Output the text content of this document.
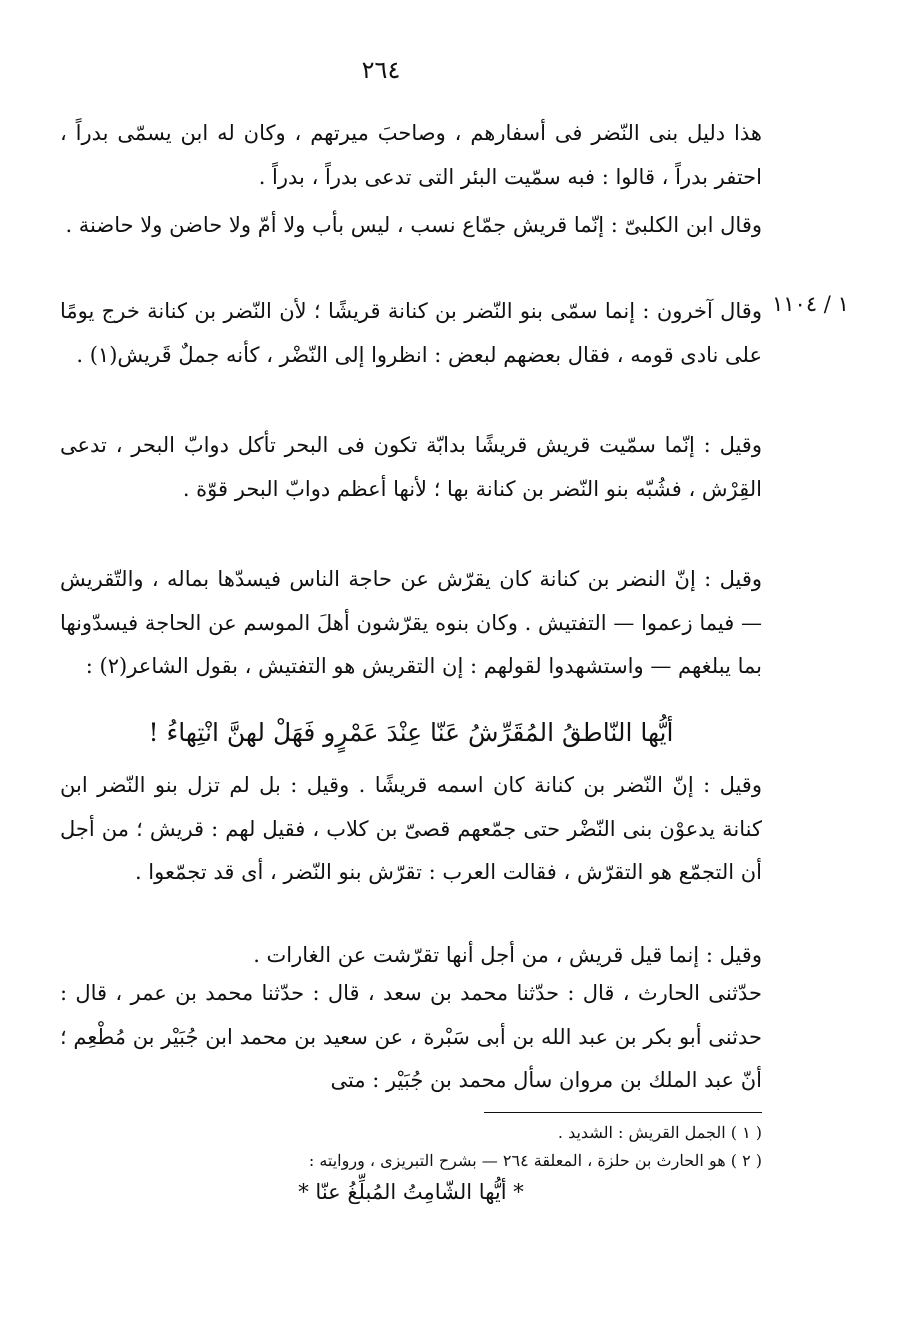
٢٦٤
١ / ١١٠٤
هذا دليل بنى النّضر فى أسفارهم ، وصاحبَ ميرتهم ، وكان له ابن يسمّى بدراً ، احتفر بدراً ، قالوا : فبه سمّيت البئر التى تدعى بدراً ، بدراً .
وقال ابن الكلبىّ : إنّما قريش جمّاع نسب ، ليس بأب ولا أمّ ولا حاضن ولا حاضنة .
وقال آخرون : إنما سمّى بنو النّضر بن كنانة قريشًا ؛ لأن النّضر بن كنانة خرج يومًا على نادى قومه ، فقال بعضهم لبعض : انظروا إلى النّضْر ، كأنه جملٌ قَريش(١) .
وقيل : إنّما سمّيت قريش قريشًا بدابّة تكون فى البحر تأكل دوابّ البحر ، تدعى القِرْش ، فشُبّه بنو النّضر بن كنانة بها ؛ لأنها أعظم دوابّ البحر قوّة .
وقيل : إنّ النضر بن كنانة كان يقرّش عن حاجة الناس فيسدّها بماله ، والتّقريش — فيما زعموا — التفتيش . وكان بنوه يقرّشون أهلَ الموسم عن الحاجة فيسدّونها بما يبلغهم — واستشهدوا لقولهم : إن التقريش هو التفتيش ، بقول الشاعر(٢) :
أيُّها النّاطقُ المُقَرِّشُ عَنّا عِنْدَ عَمْرٍو فَهَلْ لهنَّ انْتِهاءُ !
وقيل : إنّ النّضر بن كنانة كان اسمه قريشًا . وقيل : بل لم تزل بنو النّضر ابن كنانة يدعوْن بنى النّضْر حتى جمّعهم قصىّ بن كلاب ، فقيل لهم : قريش ؛ من أجل أن التجمّع هو التقرّش ، فقالت العرب : تقرّش بنو النّضر ، أى قد تجمّعوا .
وقيل : إنما قيل قريش ، من أجل أنها تقرّشت عن الغارات .
حدّثنى الحارث ، قال : حدّثنا محمد بن سعد ، قال : حدّثنا محمد بن عمر ، قال : حدثنى أبو بكر بن عبد الله بن أبى سَبْرة ، عن سعيد بن محمد ابن جُبَيْر بن مُطْعِم ؛ أنّ عبد الملك بن مروان سأل محمد بن جُبَيْر : متى
( ١ ) الجمل القريش : الشديد .
( ٢ ) هو الحارث بن حلزة ، المعلقة ٢٦٤ — بشرح التبريزى ، وروايته :
* أيُّها الشّامِتُ المُبلِّغُ عنّا *
